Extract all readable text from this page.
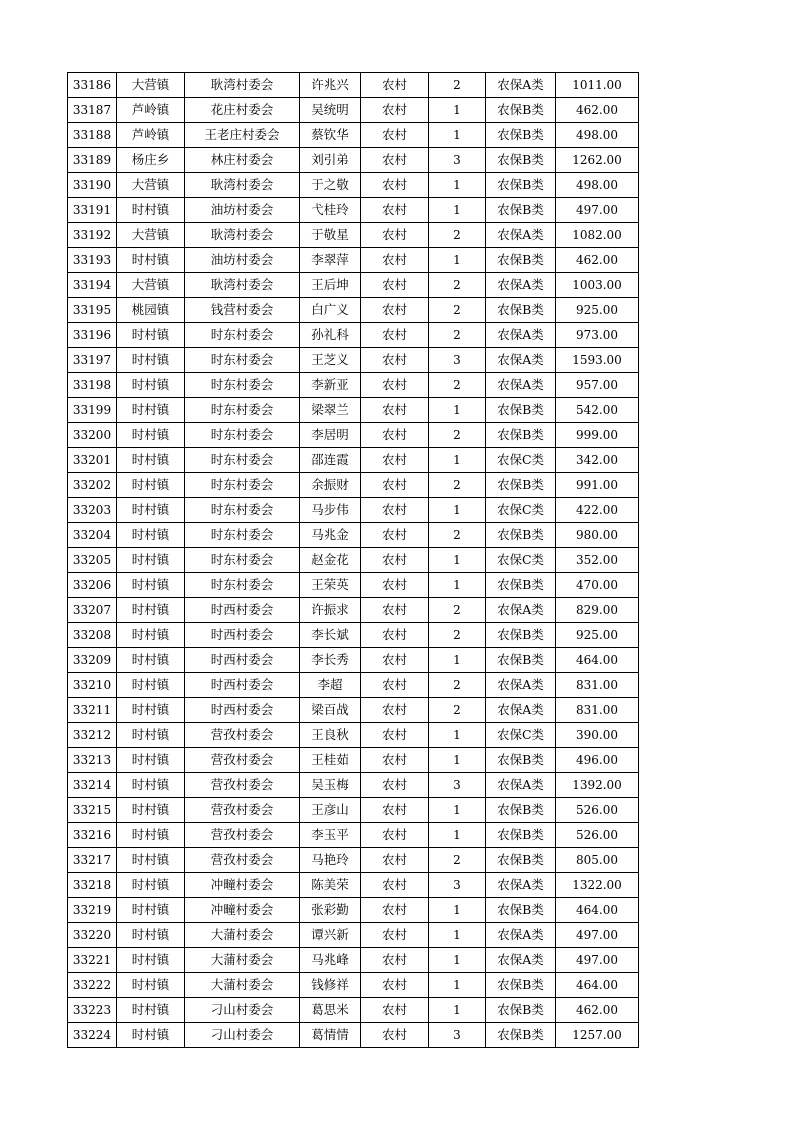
33186	大营镇	耿湾村委会	许兆兴	农村	2	农保A类	1011.00
33187	芦岭镇	花庄村委会	吴统明	农村	1	农保B类	462.00
33188	芦岭镇	王老庄村委会	蔡钦华	农村	1	农保B类	498.00
33189	杨庄乡	林庄村委会	刘引弟	农村	3	农保B类	1262.00
33190	大营镇	耿湾村委会	于之敬	农村	1	农保B类	498.00
33191	时村镇	油坊村委会	弋桂玲	农村	1	农保B类	497.00
33192	大营镇	耿湾村委会	于敬星	农村	2	农保A类	1082.00
33193	时村镇	油坊村委会	李翠萍	农村	1	农保B类	462.00
33194	大营镇	耿湾村委会	王后坤	农村	2	农保A类	1003.00
33195	桃园镇	钱营村委会	白广义	农村	2	农保B类	925.00
33196	时村镇	时东村委会	孙礼科	农村	2	农保A类	973.00
33197	时村镇	时东村委会	王芝义	农村	3	农保A类	1593.00
33198	时村镇	时东村委会	李新亚	农村	2	农保A类	957.00
33199	时村镇	时东村委会	梁翠兰	农村	1	农保B类	542.00
33200	时村镇	时东村委会	李居明	农村	2	农保B类	999.00
33201	时村镇	时东村委会	邵连霞	农村	1	农保C类	342.00
33202	时村镇	时东村委会	余振财	农村	2	农保B类	991.00
33203	时村镇	时东村委会	马步伟	农村	1	农保C类	422.00
33204	时村镇	时东村委会	马兆金	农村	2	农保B类	980.00
33205	时村镇	时东村委会	赵金花	农村	1	农保C类	352.00
33206	时村镇	时东村委会	王荣英	农村	1	农保B类	470.00
33207	时村镇	时西村委会	许振求	农村	2	农保A类	829.00
33208	时村镇	时西村委会	李长斌	农村	2	农保B类	925.00
33209	时村镇	时西村委会	李长秀	农村	1	农保B类	464.00
33210	时村镇	时西村委会	李超	农村	2	农保A类	831.00
33211	时村镇	时西村委会	梁百战	农村	2	农保A类	831.00
33212	时村镇	营孜村委会	王良秋	农村	1	农保C类	390.00
33213	时村镇	营孜村委会	王桂茹	农村	1	农保B类	496.00
33214	时村镇	营孜村委会	吴玉梅	农村	3	农保A类	1392.00
33215	时村镇	营孜村委会	王彦山	农村	1	农保B类	526.00
33216	时村镇	营孜村委会	李玉平	农村	1	农保B类	526.00
33217	时村镇	营孜村委会	马艳玲	农村	2	农保B类	805.00
33218	时村镇	冲疃村委会	陈美荣	农村	3	农保A类	1322.00
33219	时村镇	冲疃村委会	张彩勤	农村	1	农保B类	464.00
33220	时村镇	大蒲村委会	谭兴新	农村	1	农保A类	497.00
33221	时村镇	大蒲村委会	马兆峰	农村	1	农保A类	497.00
33222	时村镇	大蒲村委会	钱修祥	农村	1	农保B类	464.00
33223	时村镇	刁山村委会	葛思米	农村	1	农保B类	462.00
33224	时村镇	刁山村委会	葛情情	农村	3	农保B类	1257.00
